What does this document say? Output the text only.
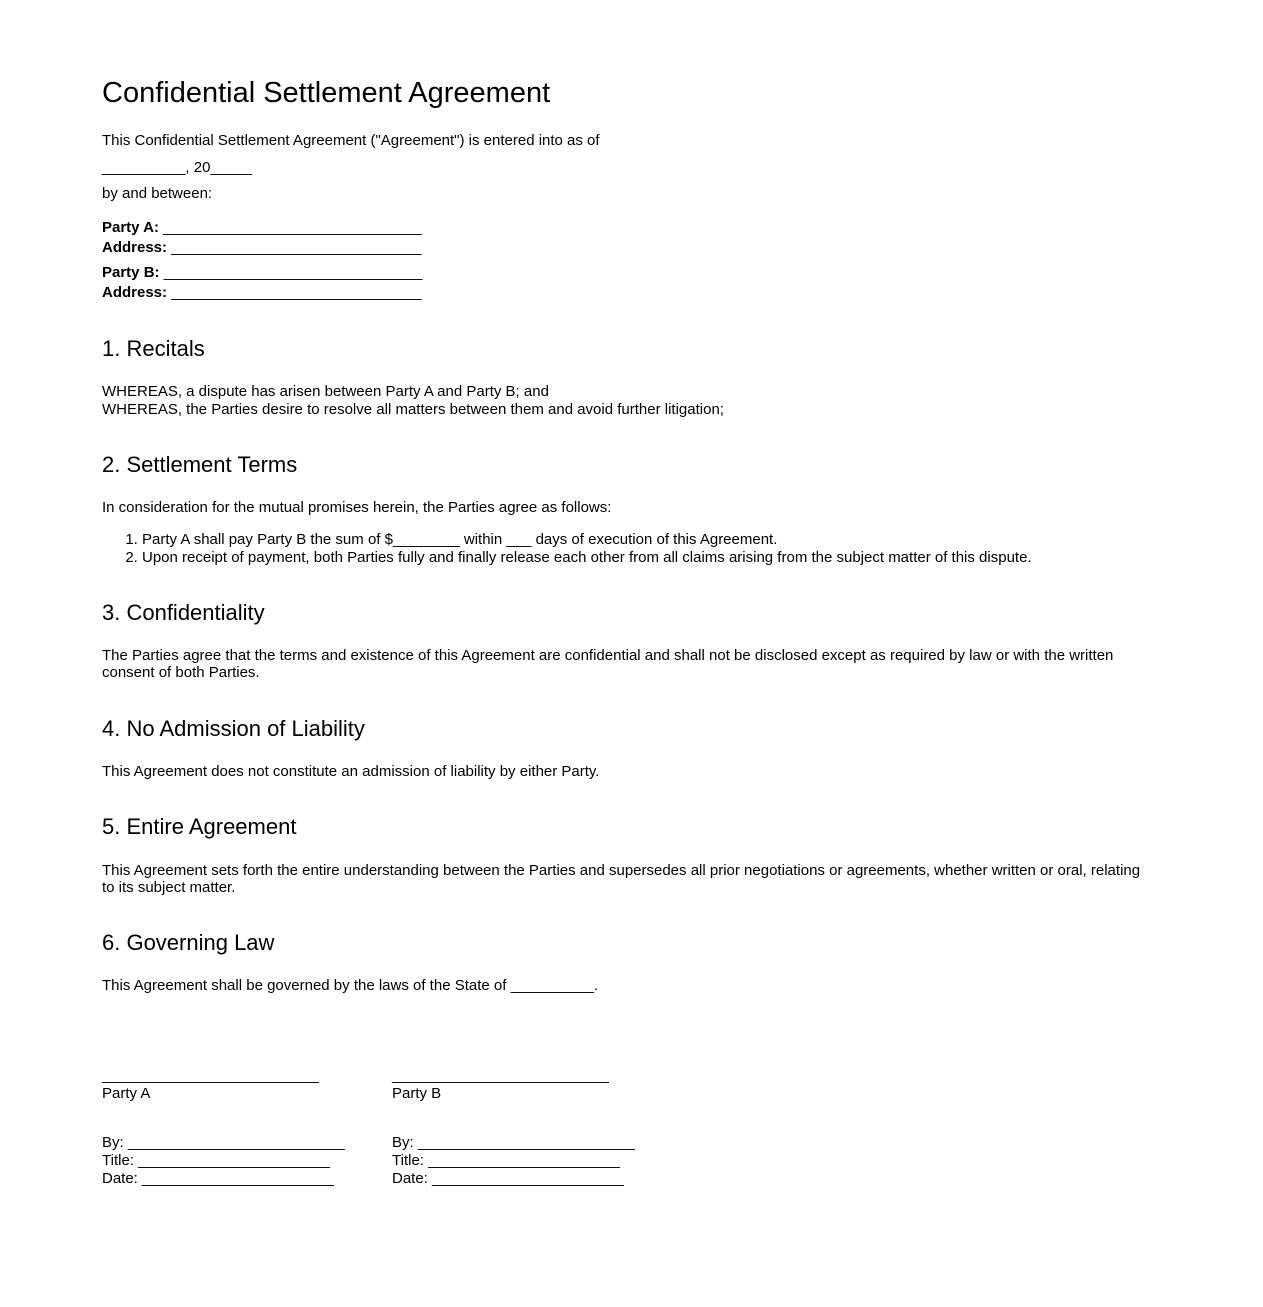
Confidential Settlement Agreement

This Confidential Settlement Agreement ("Agreement") is entered into as of

__________, 20_____

by and between:

Party A: _______________________________
Address: ______________________________

Party B: _______________________________
Address: ______________________________

1. Recitals

WHEREAS, a dispute has arisen between Party A and Party B; and
WHEREAS, the Parties desire to resolve all matters between them and avoid further litigation;

2. Settlement Terms

In consideration for the mutual promises herein, the Parties agree as follows:

1. Party A shall pay Party B the sum of $________ within ___ days of execution of this Agreement.
2. Upon receipt of payment, both Parties fully and finally release each other from all claims arising from the subject matter of this dispute.
3. Confidentiality

The Parties agree that the terms and existence of this Agreement are confidential and shall not be disclosed except as required by law or with the written consent of both Parties.

4. No Admission of Liability

This Agreement does not constitute an admission of liability by either Party.

5. Entire Agreement

This Agreement sets forth the entire understanding between the Parties and supersedes all prior negotiations or agreements, whether written or oral, relating to its subject matter.

6. Governing Law

This Agreement shall be governed by the laws of the State of __________.

__________________________
Party A

By: __________________________
Title: _______________________
Date: _______________________

__________________________
Party B

By: __________________________
Title: _______________________
Date: _______________________
